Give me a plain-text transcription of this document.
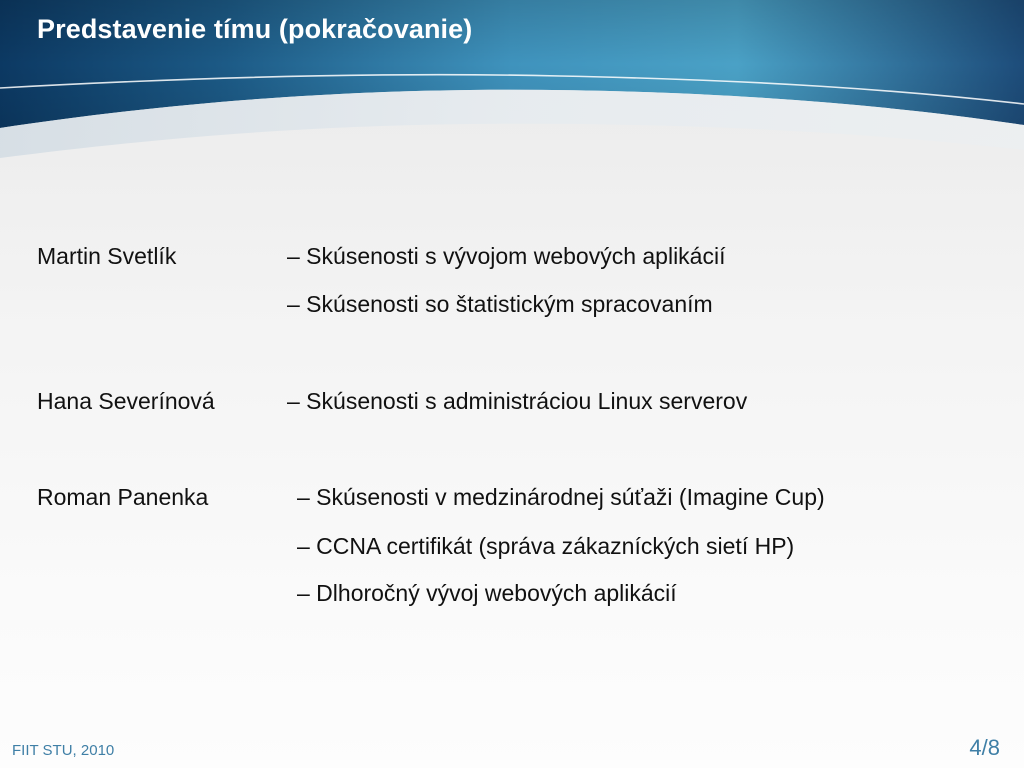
Predstavenie tímu (pokračovanie)
Martin Svetlík	– Skúsenosti s vývojom webových aplikácií
– Skúsenosti so štatistickým spracovaním
Hana Severínová	– Skúsenosti s administráciou Linux serverov
Roman Panenka	– Skúsenosti v medzinárodnej súťaži (Imagine Cup)
– CCNA certifikát (správa zákazníckých sietí HP)
– Dlhoročný vývoj webových aplikácií
FIIT STU, 2010	4/8
